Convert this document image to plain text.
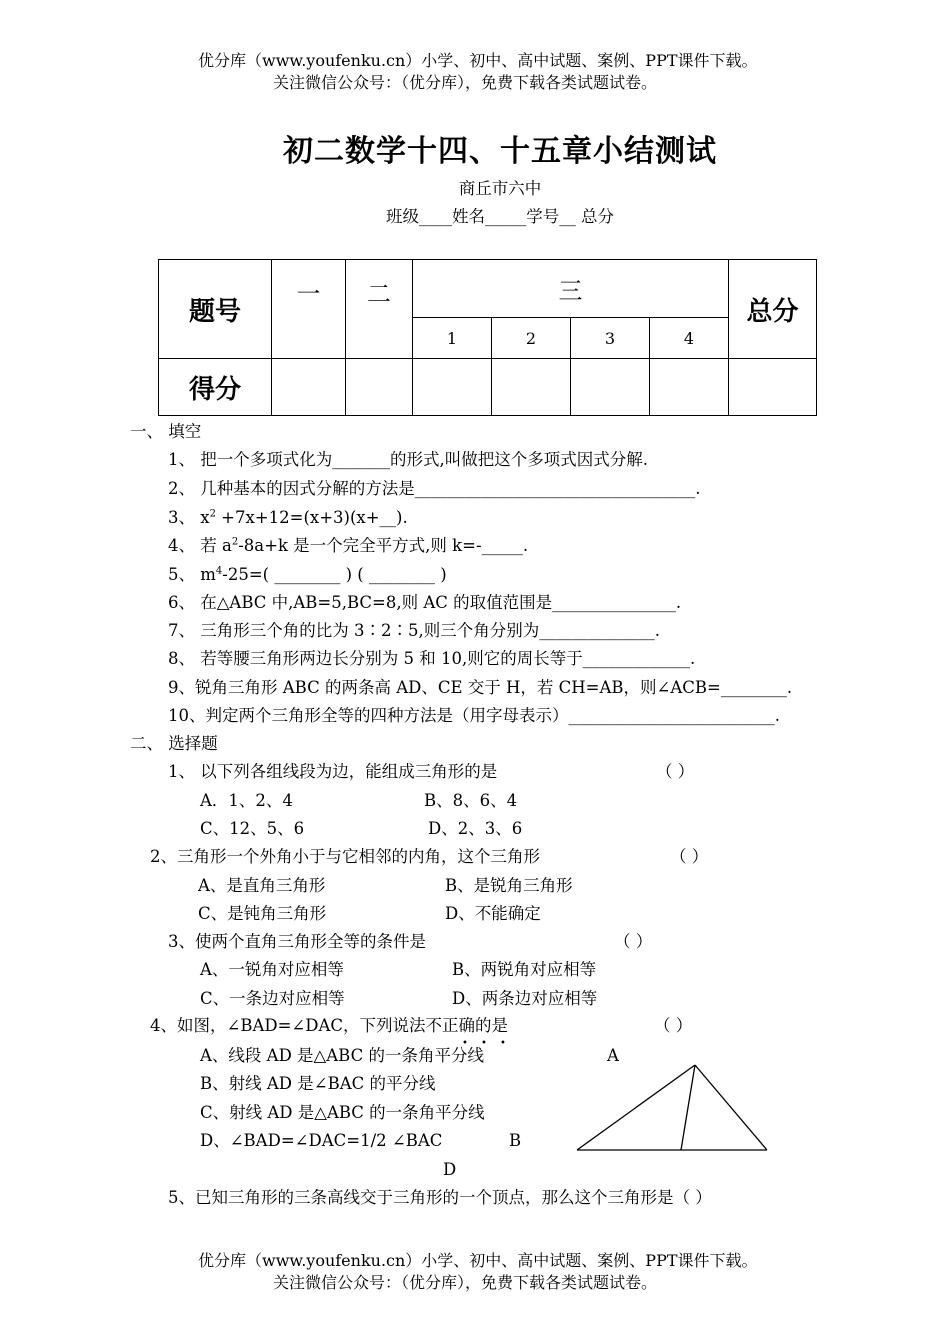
优分库（www.youfenku.cn）小学、初中、高中试题、案例、PPT课件下载。
关注微信公众号：（优分库），免费下载各类试题试卷。
初二数学十四、十五章小结测试
商丘市六中
班级____姓名_____学号__ 总分
题号	一	二	三				总分
			1	2	3	4	
得分							
一、 填空
1、 把一个多项式化为_______的形式,叫做把这个多项式因式分解.
2、 几种基本的因式分解的方法是__________________________________.
3、 $x^2$ +7x+12=(x+3)(x+__).
4、 若 $a^2-8a+k$ 是一个完全平方式,则 k=-_____.
5、 $m^4-25=$( ________ ) ( ________ )
6、 在△ABC 中,AB=5,BC=8,则 AC 的取值范围是_______________.
7、 三角形三个角的比为 3∶2∶5,则三个角分别为______________.
8、 若等腰三角形两边长分别为 5 和 10,则它的周长等于_____________.
9、锐角三角形 ABC 的两条高 AD、CE 交于 H，若 CH=AB，则∠ACB=________.
10、判定两个三角形全等的四种方法是（用字母表示）_________________________.
二、 选择题
1、 以下列各组线段为边，能组成三角形的是	（ ）
A．1、2、4	B、8、6、4
C、12、5、6	D、2、3、6
2、三角形一个外角小于与它相邻的内角，这个三角形	（ ）
A、是直角三角形	B、是锐角三角形
C、是钝角三角形	D、不能确定
3、使两个直角三角形全等的条件是	（ ）
A、一锐角对应相等	B、两锐角对应相等
C、一条边对应相等	D、两条边对应相等
4、如图，∠BAD=∠DAC，下列说法不正确的是
• • •
（ ）
A、线段 AD 是△ABC 的一条角平分线
B、射线 AD 是∠BAC 的平分线
C、射线 AD 是△ABC 的一条角平分线
D、∠BAD=∠DAC=1/2 ∠BAC
A
B
D
5、已知三角形的三条高线交于三角形的一个顶点，那么这个三角形是（ ）
优分库（www.youfenku.cn）小学、初中、高中试题、案例、PPT课件下载。
关注微信公众号：（优分库），免费下载各类试题试卷。
